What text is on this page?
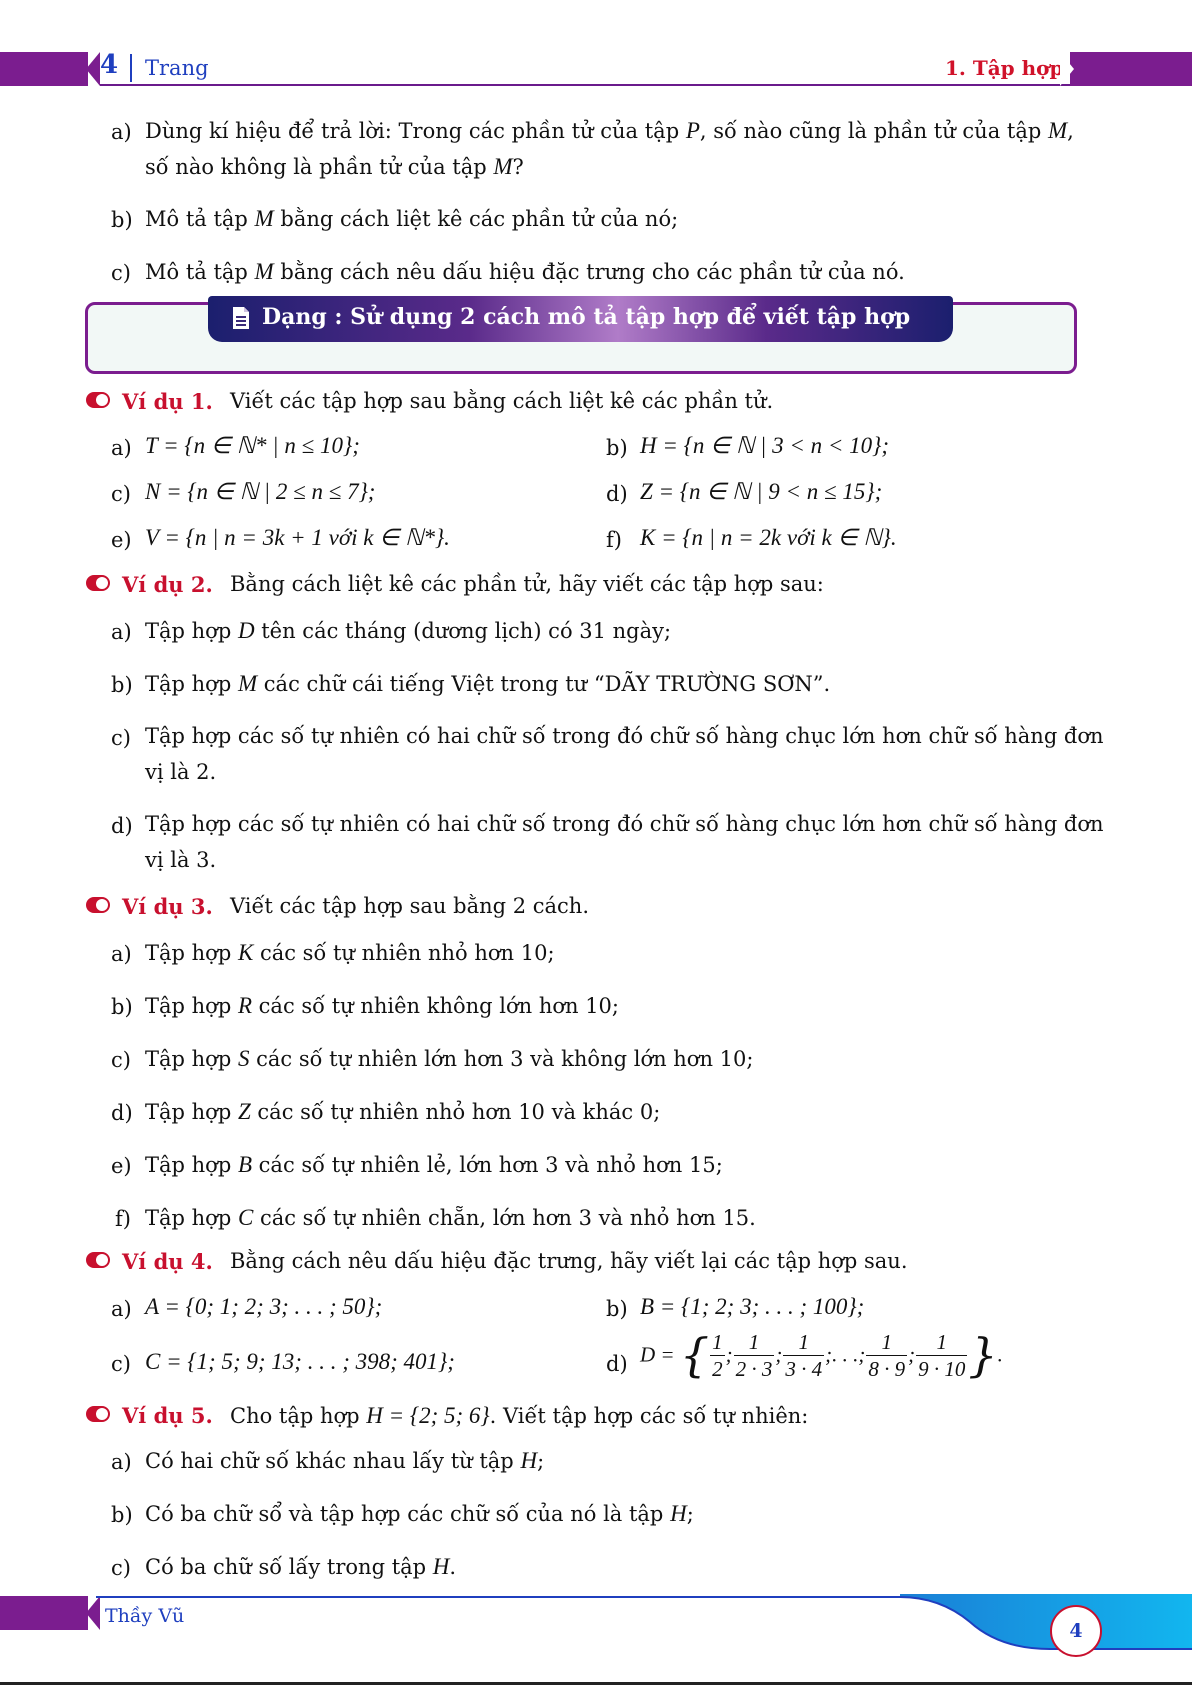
4 Trang	1. Tập hợp
a) Dùng kí hiệu để trả lời: Trong các phần tử của tập P, số nào cũng là phần tử của tập M,
số nào không là phần tử của tập M?
b) Mô tả tập M bằng cách liệt kê các phần tử của nó;
c) Mô tả tập M bằng cách nêu dấu hiệu đặc trưng cho các phần tử của nó.
Dạng : Sử dụng 2 cách mô tả tập hợp để viết tập hợp
Ví dụ 1. Viết các tập hợp sau bằng cách liệt kê các phần tử.
a) T = {n ∈ ℕ* | n ≤ 10};	b) H = {n ∈ ℕ | 3 < n < 10};
c) N = {n ∈ ℕ | 2 ≤ n ≤ 7};	d) Z = {n ∈ ℕ | 9 < n ≤ 15};
e) V = {n | n = 3k + 1 với k ∈ ℕ*}.	f) K = {n | n = 2k với k ∈ ℕ}.
Ví dụ 2. Bằng cách liệt kê các phần tử, hãy viết các tập hợp sau:
a) Tập hợp D tên các tháng (dương lịch) có 31 ngày;
b) Tập hợp M các chữ cái tiếng Việt trong tư “DÃY TRƯỜNG SƠN”.
c) Tập hợp các số tự nhiên có hai chữ số trong đó chữ số hàng chục lớn hơn chữ số hàng đơn
vị là 2.
d) Tập hợp các số tự nhiên có hai chữ số trong đó chữ số hàng chục lớn hơn chữ số hàng đơn
vị là 3.
Ví dụ 3. Viết các tập hợp sau bằng 2 cách.
a) Tập hợp K các số tự nhiên nhỏ hơn 10;
b) Tập hợp R các số tự nhiên không lớn hơn 10;
c) Tập hợp S các số tự nhiên lớn hơn 3 và không lớn hơn 10;
d) Tập hợp Z các số tự nhiên nhỏ hơn 10 và khác 0;
e) Tập hợp B các số tự nhiên lẻ, lớn hơn 3 và nhỏ hơn 15;
f) Tập hợp C các số tự nhiên chẵn, lớn hơn 3 và nhỏ hơn 15.
Ví dụ 4. Bằng cách nêu dấu hiệu đặc trưng, hãy viết lại các tập hợp sau.
a) A = {0; 1; 2; 3; . . . ; 50};	b) B = {1; 2; 3; . . . ; 100};
c) C = {1; 5; 9; 13; . . . ; 398; 401};	d) D = { $\frac{1}{2}$ ; $\frac{1}{2 \cdot 3}$ ; $\frac{1}{3 \cdot 4}$ ;. . .; $\frac{1}{8 \cdot 9}$ ; $\frac{1}{9 \cdot 10}$ }.
Ví dụ 5. Cho tập hợp H = {2; 5; 6}. Viết tập hợp các số tự nhiên:
a) Có hai chữ số khác nhau lấy từ tập H;
b) Có ba chữ sổ và tập hợp các chữ số của nó là tập H;
c) Có ba chữ số lấy trong tập H.
Thầy Vũ
4
